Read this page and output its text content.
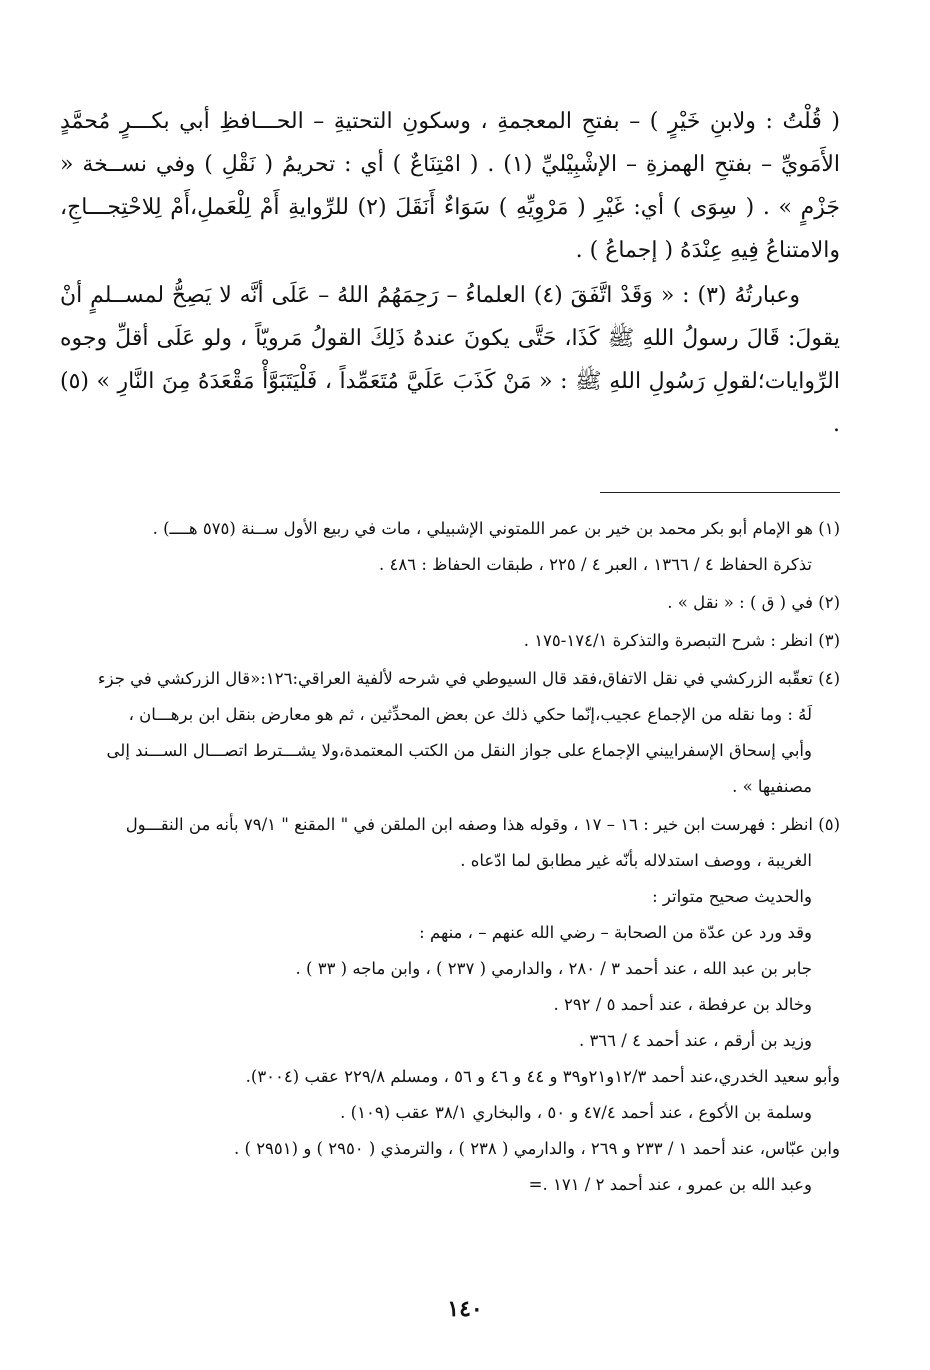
( قُلْتُ : ولابنِ خَيْرٍ ) – بفتحِ المعجمةِ ، وسكونِ التحتيةِ – الحـــافظِ أبي بكـــرٍ مُحمَّدٍ الأَمَويِّ – بفتحِ الهمزةِ – الإشْبِيْليِّ (١) . ( امْتِنَاعٌ ) أي : تحريمُ ( نَقْلِ ) وفي نســخة « جَزْمٍ » . ( سِوَى ) أي: غَيْرِ ( مَرْوِيِّهِ ) سَوَاءٌ أَنَقَلَ (٢) للرِّوايةِ أَمْ لِلْعَملِ،أَمْ لِلاحْتِجـــاجِ، والامتناعُ فِيهِ عِنْدَهُ ( إجماعُ ) .

وعبارتُهُ (٣) : « وَقَدْ اتَّفَقَ (٤) العلماءُ – رَحِمَهُمُ اللهُ – عَلَى أنَّه لا يَصِحُّ لمســلمٍ أنْ يقولَ: قَالَ رسولُ اللهِ ﷺ كَذَا، حَتَّى يكونَ عندهُ ذَلِكَ القولُ مَرويّاً ، ولو عَلَى أقلِّ وجوه الرِّوايات؛لقولِ رَسُولِ اللهِ ﷺ : « مَنْ كَذَبَ عَلَيَّ مُتَعَمِّداً ، فَلْيَتَبَوَّأْ مَقْعَدَهُ مِنَ النَّارِ » (٥) .

(١) هو الإمام أبو بكر محمد بن خير بن عمر اللمتوني الإشبيلي ، مات في ربيع الأول ســنة (٥٧٥ هــــ) .
تذكرة الحفاظ ٤ / ١٣٦٦ ، العبر ٤ / ٢٢٥ ، طبقات الحفاظ : ٤٨٦ .
(٢) في ( ق ) : « نقل » .
(٣) انظر : شرح التبصرة والتذكرة ١٧٤/١-١٧٥ .
(٤) تعقّبه الزركشي في نقل الاتفاق،فقد قال السيوطي في شرحه لألفية العراقي:١٢٦:«قال الزركشي في جزء
لَهُ : وما نقله من الإجماع عجيب،إنّما حكي ذلك عن بعض المحدِّثين ، ثم هو معارض بنقل ابن برهـــان ،
وأبي إسحاق الإسفراييني الإجماع على جواز النقل من الكتب المعتمدة،ولا يشـــترط اتصـــال الســـند إلى
مصنفيها » .
(٥) انظر : فهرست ابن خير : ١٦ – ١٧ ، وقوله هذا وصفه ابن الملقن في " المقنع " ٧٩/١ بأنه من النقـــول
الغريبة ، ووصف استدلاله بأنّه غير مطابق لما ادّعاه .
والحديث صحيح متواتر :
وقد ورد عن عدّة من الصحابة – رضي الله عنهم – ، منهم :
جابر بن عبد الله ، عند أحمد ٣ / ٢٨٠ ، والدارمي ( ٢٣٧ ) ، وابن ماجه ( ٣٣ ) .
وخالد بن عرفطة ، عند أحمد ٥ / ٢٩٢ .
وزيد بن أرقم ، عند أحمد ٤ / ٣٦٦ .
وأبو سعيد الخدري،عند أحمد ١٢/٣و٢١و٣٩ و ٤٤ و ٤٦ و ٥٦ ، ومسلم ٢٢٩/٨ عقب (٣٠٠٤).
وسلمة بن الأكوع ، عند أحمد ٤٧/٤ و ٥٠ ، والبخاري ٣٨/١ عقب (١٠٩) .
وابن عبّاس، عند أحمد ١ / ٢٣٣ و ٢٦٩ ، والدارمي ( ٢٣٨ ) ، والترمذي ( ٢٩٥٠ ) و (٢٩٥١ ) .
وعبد الله بن عمرو ، عند أحمد ٢ / ١٧١ .=
١٤٠
